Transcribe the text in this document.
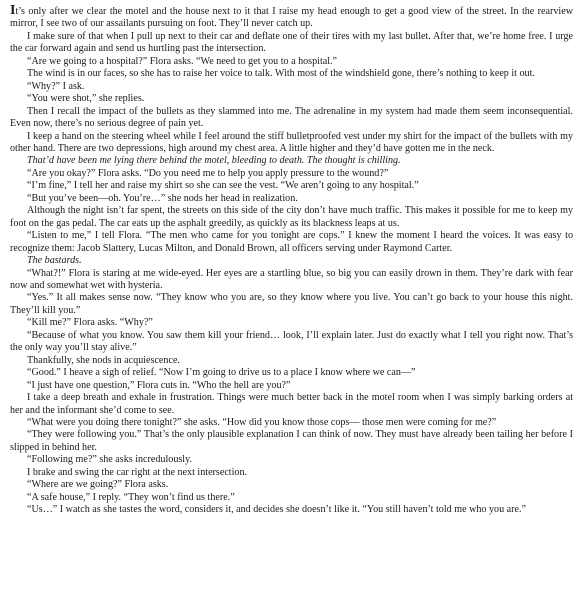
It’s only after we clear the motel and the house next to it that I raise my head enough to get a good view of the street. In the rearview mirror, I see two of our assailants pursuing on foot. They’ll never catch up.

I make sure of that when I pull up next to their car and deflate one of their tires with my last bullet. After that, we’re home free. I urge the car forward again and send us hurtling past the intersection.

“Are we going to a hospital?” Flora asks. “We need to get you to a hospital.”

The wind is in our faces, so she has to raise her voice to talk. With most of the windshield gone, there’s nothing to keep it out.

“Why?” I ask.

“You were shot,” she replies.

Then I recall the impact of the bullets as they slammed into me. The adrenaline in my system had made them seem inconsequential. Even now, there’s no serious degree of pain yet.

I keep a hand on the steering wheel while I feel around the stiff bulletproofed vest under my shirt for the impact of the bullets with my other hand. There are two depressions, high around my chest area. A little higher and they’d have gotten me in the neck.

That’d have been me lying there behind the motel, bleeding to death. The thought is chilling.

“Are you okay?” Flora asks. “Do you need me to help you apply pressure to the wound?”

“I’m fine,” I tell her and raise my shirt so she can see the vest. “We aren’t going to any hospital.”

“But you’ve been—oh. You’re…” she nods her head in realization.

Although the night isn’t far spent, the streets on this side of the city don’t have much traffic. This makes it possible for me to keep my foot on the gas pedal. The car eats up the asphalt greedily, as quickly as its blackness leaps at us.

“Listen to me,” I tell Flora. “The men who came for you tonight are cops.” I knew the moment I heard the voices. It was easy to recognize them: Jacob Slattery, Lucas Milton, and Donald Brown, all officers serving under Raymond Carter.

The bastards.

“What?!” Flora is staring at me wide-eyed. Her eyes are a startling blue, so big you can easily drown in them. They’re dark with fear now and somewhat wet with hysteria.

“Yes.” It all makes sense now. “They know who you are, so they know where you live. You can’t go back to your house this night. They’ll kill you.”

“Kill me?” Flora asks. “Why?”

“Because of what you know. You saw them kill your friend… look, I’ll explain later. Just do exactly what I tell you right now. That’s the only way you’ll stay alive.”

Thankfully, she nods in acquiescence.

“Good.” I heave a sigh of relief. “Now I’m going to drive us to a place I know where we can—”

“I just have one question,” Flora cuts in. “Who the hell are you?”

I take a deep breath and exhale in frustration. Things were much better back in the motel room when I was simply barking orders at her and the informant she’d come to see.

“What were you doing there tonight?” she asks. “How did you know those cops— those men were coming for me?”

“They were following you.” That’s the only plausible explanation I can think of now. They must have already been tailing her before I slipped in behind her.

“Following me?” she asks incredulously.

I brake and swing the car right at the next intersection.

“Where are we going?” Flora asks.

“A safe house,” I reply. “They won’t find us there.”

“Us…” I watch as she tastes the word, considers it, and decides she doesn’t like it. “You still haven’t told me who you are.”
